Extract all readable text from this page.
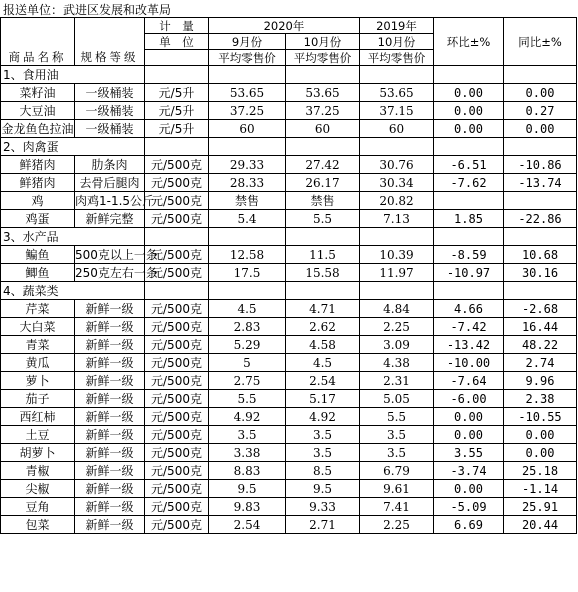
报送单位：武进区发展和改革局
		计　量	2020年		2019年	环比±%	同比±%
		单　位	9月份	10月份	10月份		
商品名称	规格等级		平均零售价	平均零售价	平均零售价		
1、食用油							
菜籽油	一级桶装	元/5升	53.65	53.65	53.65	0.00	0.00
大豆油	一级桶装	元/5升	37.25	37.25	37.15	0.00	0.27
金龙鱼色拉油	一级桶装	元/5升	60	60	60	0.00	0.00
2、肉禽蛋							
鲜猪肉	肋条肉	元/500克	29.33	27.42	30.76	-6.51	-10.86
鲜猪肉	去骨后腿肉	元/500克	28.33	26.17	30.34	-7.62	-13.74
鸡	肉鸡1-1.5公斤	元/500克	禁售	禁售	20.82		
鸡蛋	新鲜完整	元/500克	5.4	5.5	7.13	1.85	-22.86
3、水产品							
鳊鱼	500克以上一条	元/500克	12.58	11.5	10.39	-8.59	10.68
鲫鱼	250克左右一条	元/500克	17.5	15.58	11.97	-10.97	30.16
4、蔬菜类							
芹菜	新鲜一级	元/500克	4.5	4.71	4.84	4.66	-2.68
大白菜	新鲜一级	元/500克	2.83	2.62	2.25	-7.42	16.44
青菜	新鲜一级	元/500克	5.29	4.58	3.09	-13.42	48.22
黄瓜	新鲜一级	元/500克	5	4.5	4.38	-10.00	2.74
萝卜	新鲜一级	元/500克	2.75	2.54	2.31	-7.64	9.96
茄子	新鲜一级	元/500克	5.5	5.17	5.05	-6.00	2.38
西红柿	新鲜一级	元/500克	4.92	4.92	5.5	0.00	-10.55
土豆	新鲜一级	元/500克	3.5	3.5	3.5	0.00	0.00
胡萝卜	新鲜一级	元/500克	3.38	3.5	3.5	3.55	0.00
青椒	新鲜一级	元/500克	8.83	8.5	6.79	-3.74	25.18
尖椒	新鲜一级	元/500克	9.5	9.5	9.61	0.00	-1.14
豆角	新鲜一级	元/500克	9.83	9.33	7.41	-5.09	25.91
包菜	新鲜一级	元/500克	2.54	2.71	2.25	6.69	20.44
